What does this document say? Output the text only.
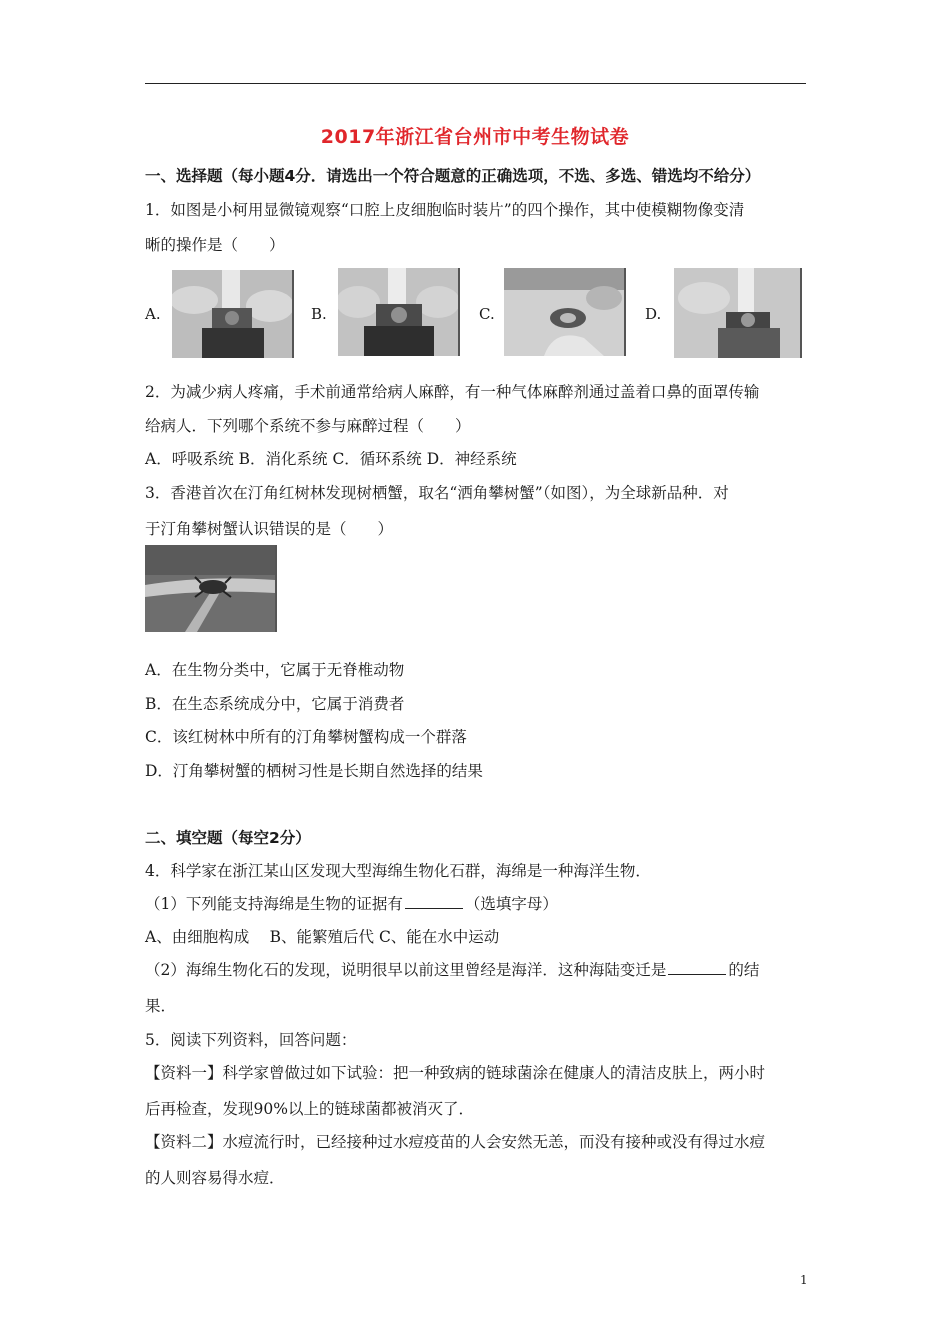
2017年浙江省台州市中考生物试卷
一、选择题（每小题4分．请选出一个符合题意的正确选项，不选、多选、错选均不给分）
1．如图是小柯用显微镜观察“口腔上皮细胞临时装片”的四个操作，其中使模糊物像变清
晰的操作是（　　）
A.	B.	C.	D.
2．为减少病人疼痛，手术前通常给病人麻醉，有一种气体麻醉剂通过盖着口鼻的面罩传输
给病人．下列哪个系统不参与麻醉过程（　　）
A．呼吸系统 B．消化系统 C．循环系统 D．神经系统
3．香港首次在汀角红树林发现树栖蟹，取名“洒角攀树蟹”（如图），为全球新品种．对
于汀角攀树蟹认识错误的是（　　）
A．在生物分类中，它属于无脊椎动物
B．在生态系统成分中，它属于消费者
C．该红树林中所有的汀角攀树蟹构成一个群落
D．汀角攀树蟹的栖树习性是长期自然选择的结果
二、填空题（每空2分）
4．科学家在浙江某山区发现大型海绵生物化石群，海绵是一种海洋生物．
（1）下列能支持海绵是生物的证据有	（选填字母）
A、由细胞构成　 B、能繁殖后代 C、能在水中运动
（2）海绵生物化石的发现，说明很早以前这里曾经是海洋．这种海陆变迁是	的结
果．
5．阅读下列资料，回答问题：
【资料一】科学家曾做过如下试验：把一种致病的链球菌涂在健康人的清洁皮肤上，两小时
后再检查，发现90%以上的链球菌都被消灭了．
【资料二】水痘流行时，已经接种过水痘疫苗的人会安然无恙，而没有接种或没有得过水痘
的人则容易得水痘．
1
